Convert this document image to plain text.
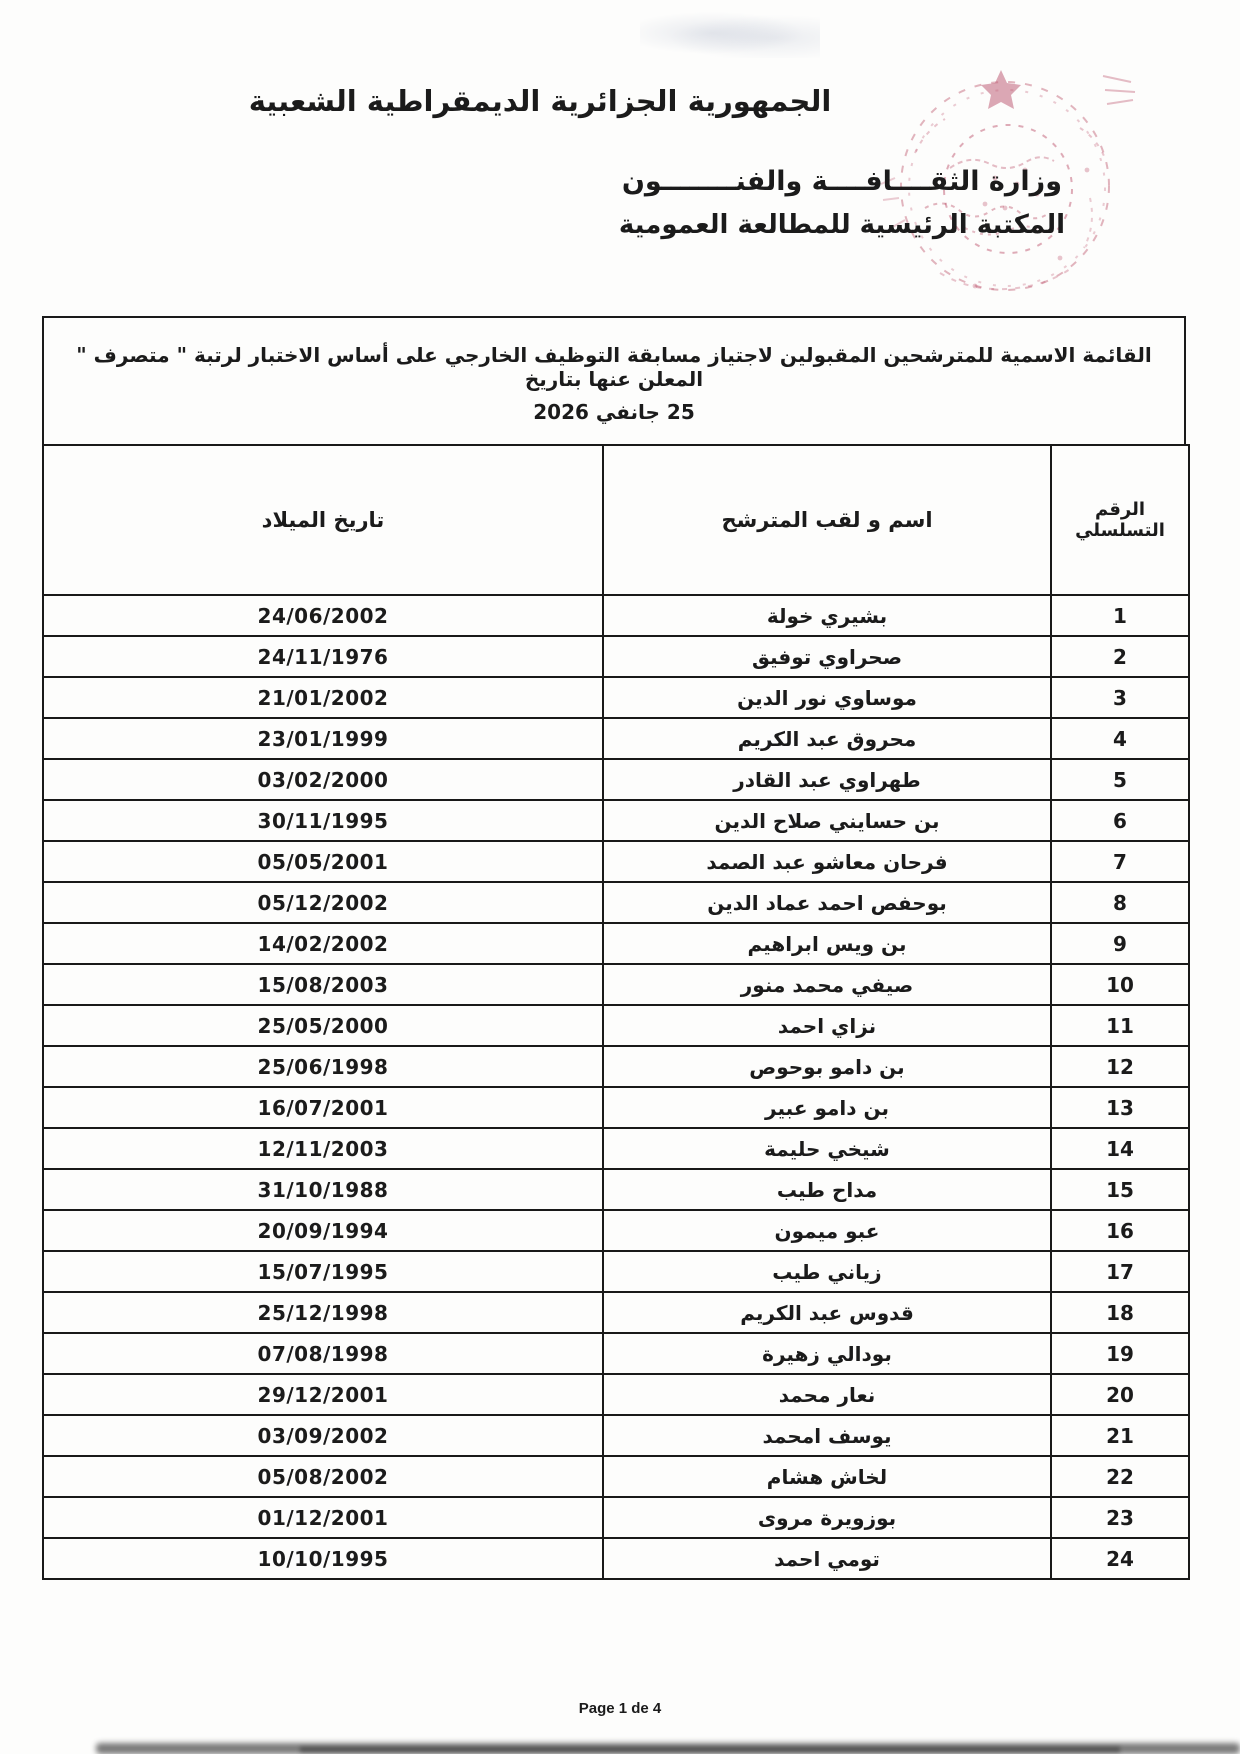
الجمهورية الجزائرية الديمقراطية الشعبية
وزارة الثقــــافــــة والفنــــــــون
المكتبة الرئيسية للمطالعة العمومية
القائمة الاسمية للمترشحين المقبولين لاجتياز مسابقة التوظيف الخارجي على أساس الاختبار لرتبة " متصرف " المعلن عنها بتاريخ
25 جانفي 2026
الرقم التسلسلي	اسم و لقب المترشح	تاريخ الميلاد
1	بشيري خولة	24/06/2002
2	صحراوي توفيق	24/11/1976
3	موساوي نور الدين	21/01/2002
4	محروق عبد الكريم	23/01/1999
5	طهراوي عبد القادر	03/02/2000
6	بن حسايني صلاح الدين	30/11/1995
7	فرحان معاشو عبد الصمد	05/05/2001
8	بوحفص احمد عماد الدين	05/12/2002
9	بن ويس ابراهيم	14/02/2002
10	صيفي محمد منور	15/08/2003
11	نزاي احمد	25/05/2000
12	بن دامو بوحوص	25/06/1998
13	بن دامو عبير	16/07/2001
14	شيخي حليمة	12/11/2003
15	مداح طيب	31/10/1988
16	عبو ميمون	20/09/1994
17	زياني طيب	15/07/1995
18	قدوس عبد الكريم	25/12/1998
19	بودالي زهيرة	07/08/1998
20	نعار محمد	29/12/2001
21	يوسف امحمد	03/09/2002
22	لخاش هشام	05/08/2002
23	بوزويرة مروى	01/12/2001
24	تومي احمد	10/10/1995
Page 1 de 4
